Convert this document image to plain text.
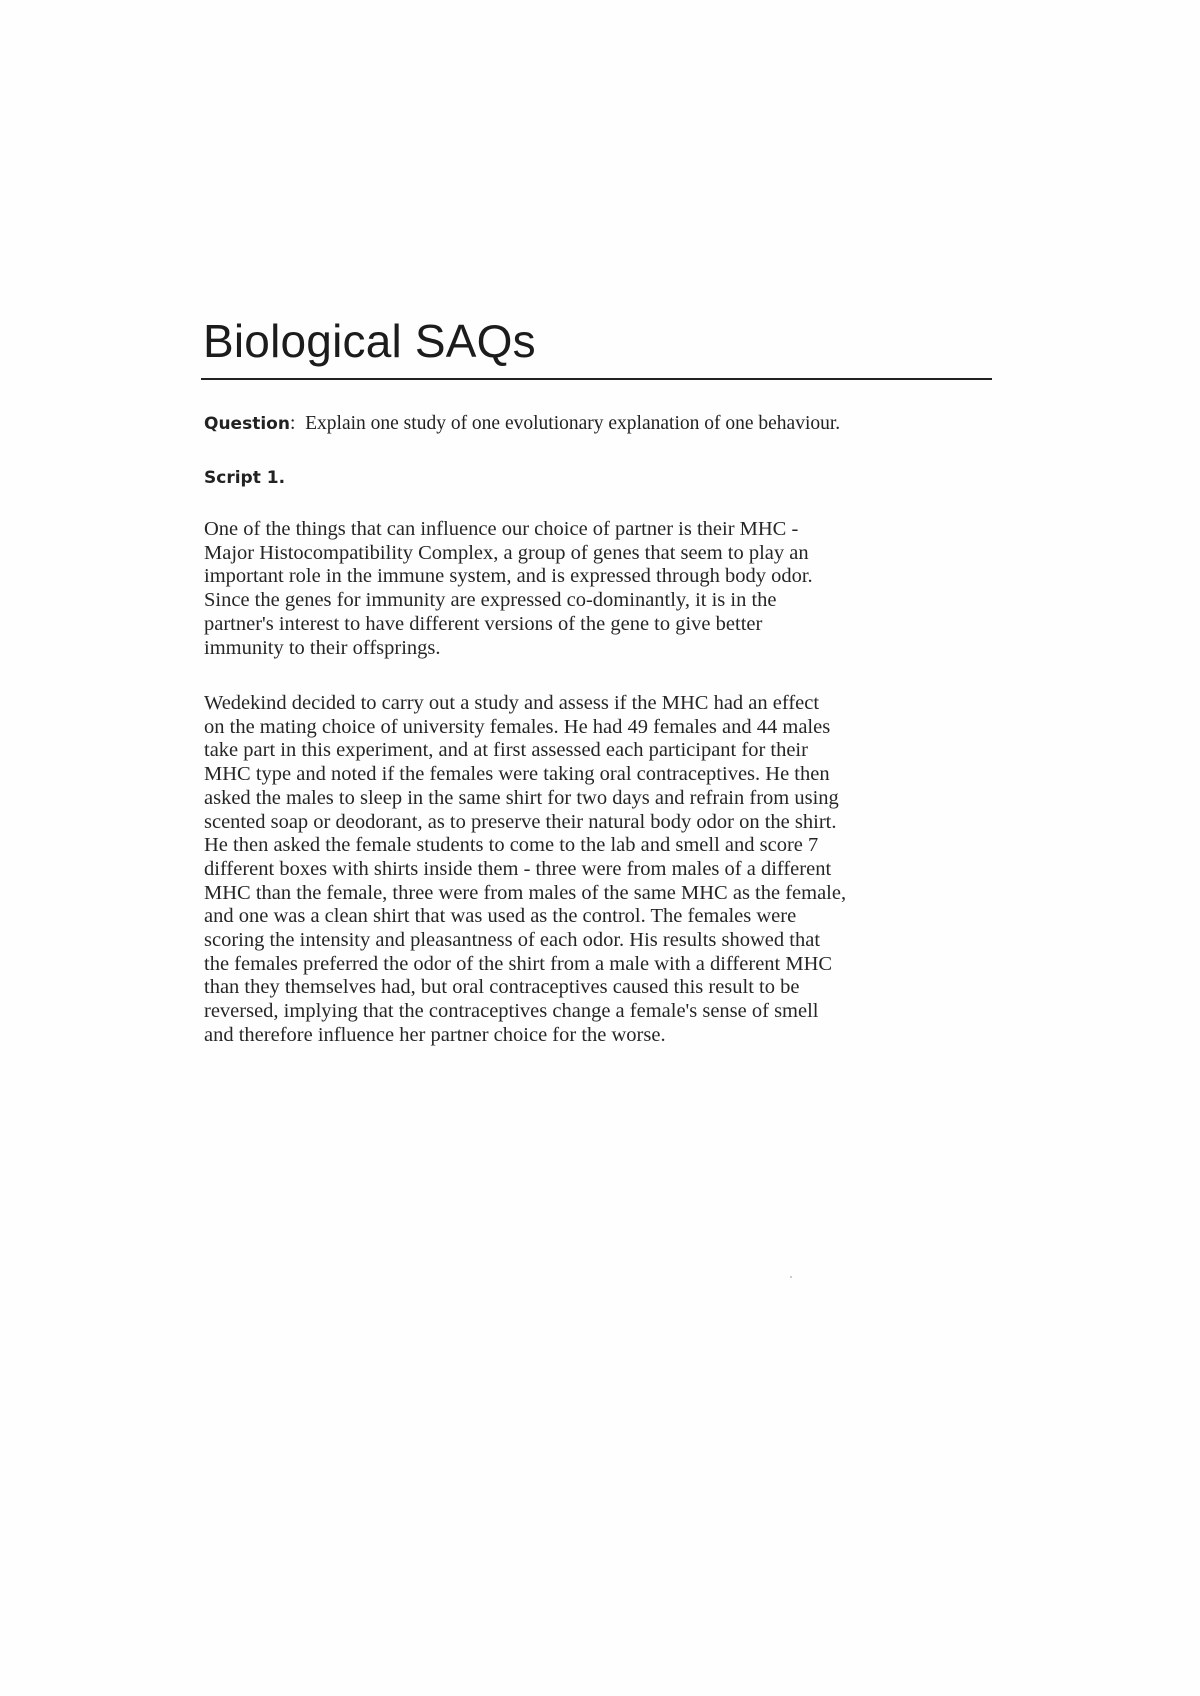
Biological SAQs

Question: Explain one study of one evolutionary explanation of one behaviour.

Script 1.

One of the things that can influence our choice of partner is their MHC -
Major Histocompatibility Complex, a group of genes that seem to play an
important role in the immune system, and is expressed through body odor.
Since the genes for immunity are expressed co-dominantly, it is in the
partner's interest to have different versions of the gene to give better
immunity to their offsprings.

Wedekind decided to carry out a study and assess if the MHC had an effect
on the mating choice of university females. He had 49 females and 44 males
take part in this experiment, and at first assessed each participant for their
MHC type and noted if the females were taking oral contraceptives. He then
asked the males to sleep in the same shirt for two days and refrain from using
scented soap or deodorant, as to preserve their natural body odor on the shirt.
He then asked the female students to come to the lab and smell and score 7
different boxes with shirts inside them - three were from males of a different
MHC than the female, three were from males of the same MHC as the female,
and one was a clean shirt that was used as the control. The females were
scoring the intensity and pleasantness of each odor. His results showed that
the females preferred the odor of the shirt from a male with a different MHC
than they themselves had, but oral contraceptives caused this result to be
reversed, implying that the contraceptives change a female's sense of smell
and therefore influence her partner choice for the worse.
